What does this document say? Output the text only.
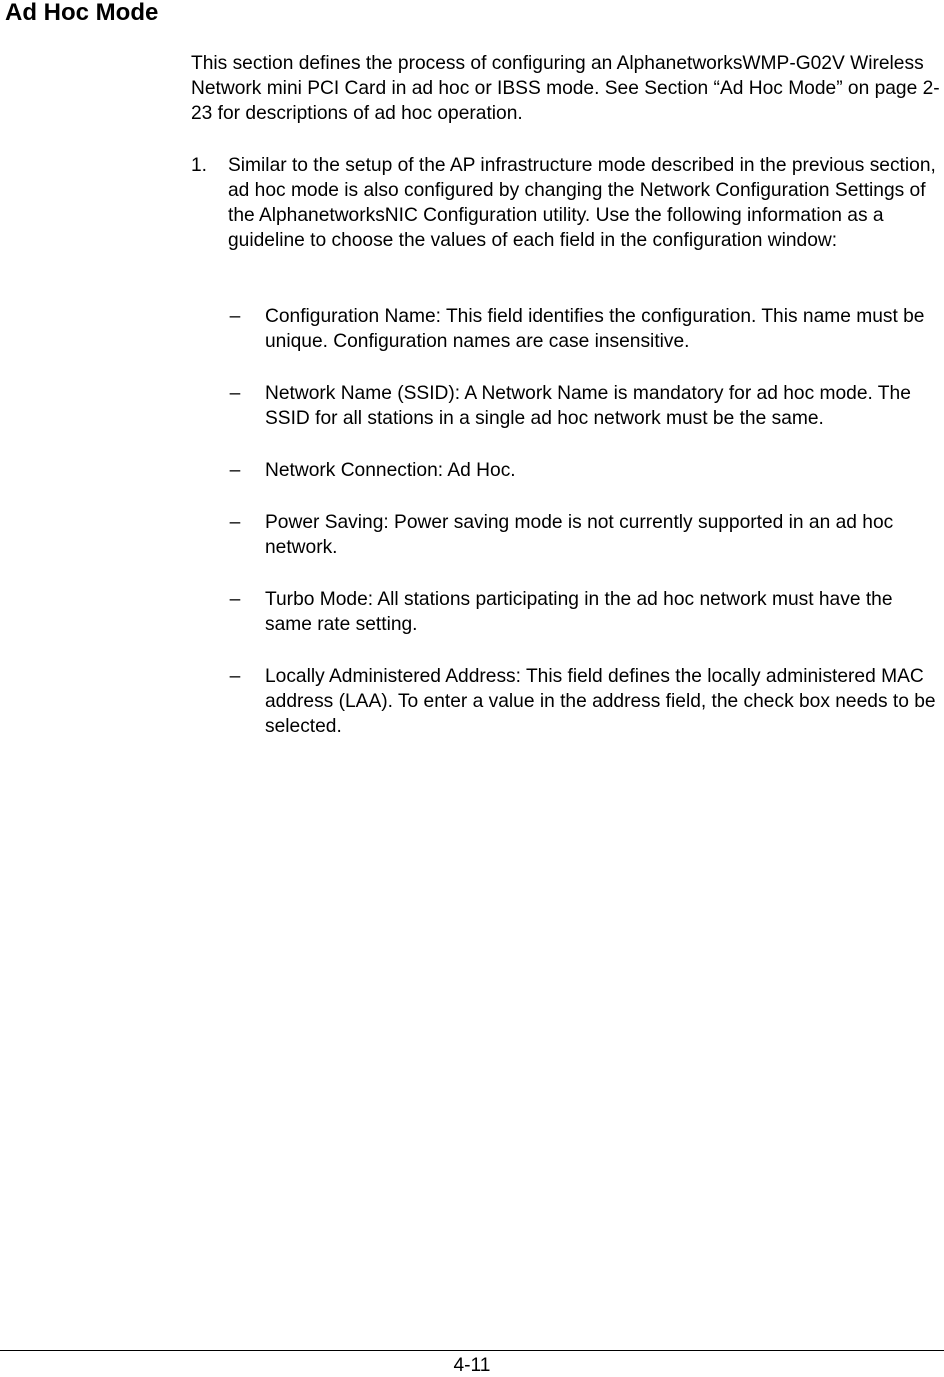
Ad Hoc Mode

This section defines the process of configuring an AlphanetworksWMP-G02V Wireless Network mini PCI Card in ad hoc or IBSS mode. See Section “Ad Hoc Mode” on page 2-23 for descriptions of ad hoc operation.

1. Similar to the setup of the AP infrastructure mode described in the previous section, ad hoc mode is also configured by changing the Network Configuration Settings of the AlphanetworksNIC Configuration utility. Use the following information as a guideline to choose the values of each field in the configuration window:

– Configuration Name: This field identifies the configuration. This name must be unique. Configuration names are case insensitive.
– Network Name (SSID): A Network Name is mandatory for ad hoc mode. The SSID for all stations in a single ad hoc network must be the same.
– Network Connection: Ad Hoc.
– Power Saving: Power saving mode is not currently supported in an ad hoc network.
– Turbo Mode: All stations participating in the ad hoc network must have the same rate setting.
– Locally Administered Address: This field defines the locally administered MAC address (LAA). To enter a value in the address field, the check box needs to be selected.
4-11
